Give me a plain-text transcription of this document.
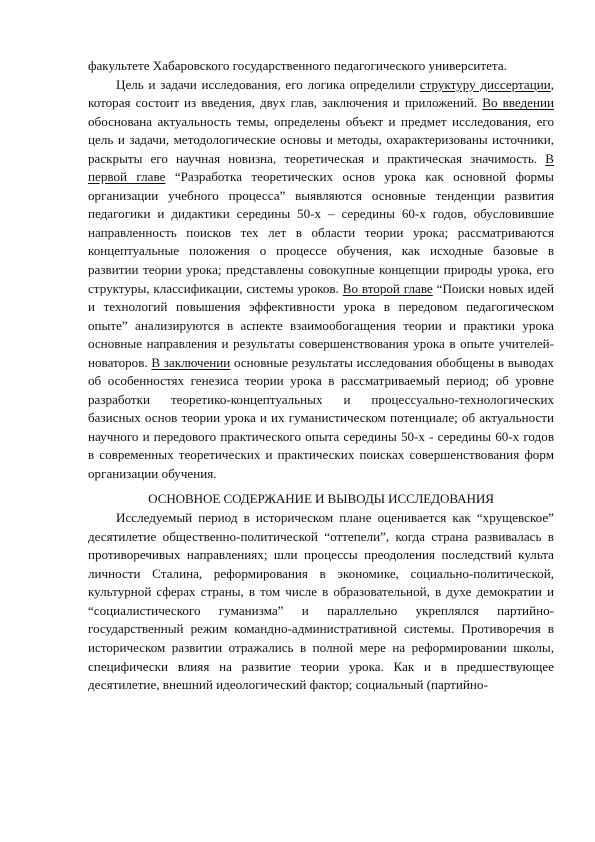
факультете Хабаровского государственного педагогического университета.

Цель и задачи исследования, его логика определили структуру диссертации, которая состоит из введения, двух глав, заключения и приложений. Во введении обоснована актуальность темы, определены объект и предмет исследования, его цель и задачи, методологические основы и методы, охарактеризованы источники, раскрыты его научная новизна, теоретическая и практическая значимость. В первой главе “Разработка теоретических основ урока как основной формы организации учебного процесса” выявляются основные тенденции развития педагогики и дидактики середины 50-х – середины 60-х годов, обусловившие направленность поисков тех лет в области теории урока; рассматриваются концептуальные положения о процессе обучения, как исходные базовые в развитии теории урока; представлены совокупные концепции природы урока, его структуры, классификации, системы уроков. Во второй главе “Поиски новых идей и технологий повышения эффективности урока в передовом педагогическом опыте” анализируются в аспекте взаимообогащения теории и практики урока основные направления и результаты совершенствования урока в опыте учителей-новаторов. В заключении основные результаты исследования обобщены в выводах об особенностях генезиса теории урока в рассматриваемый период; об уровне разработки теоретико-концептуальных и процессуально-технологических базисных основ теории урока и их гуманистическом потенциале; об актуальности научного и передового практического опыта середины 50-х - середины 60-х годов в современных теоретических и практических поисках совершенствования форм организации обучения.

ОСНОВНОЕ СОДЕРЖАНИЕ И ВЫВОДЫ ИССЛЕДОВАНИЯ

Исследуемый период в историческом плане оценивается как “хрущевское” десятилетие общественно-политической “оттепели”, когда страна развивалась в противоречивых направлениях; шли процессы преодоления последствий культа личности Сталина, реформирования в экономике, социально-политической, культурной сферах страны, в том числе в образовательной, в духе демократии и “социалистического гуманизма” и параллельно укреплялся партийно-государственный режим командно-административной системы. Противоречия в историческом развитии отражались в полной мере на реформировании школы, специфически влияя на развитие теории урока. Как и в предшествующее десятилетие, внешний идеологический фактор; социальный (партийно-
